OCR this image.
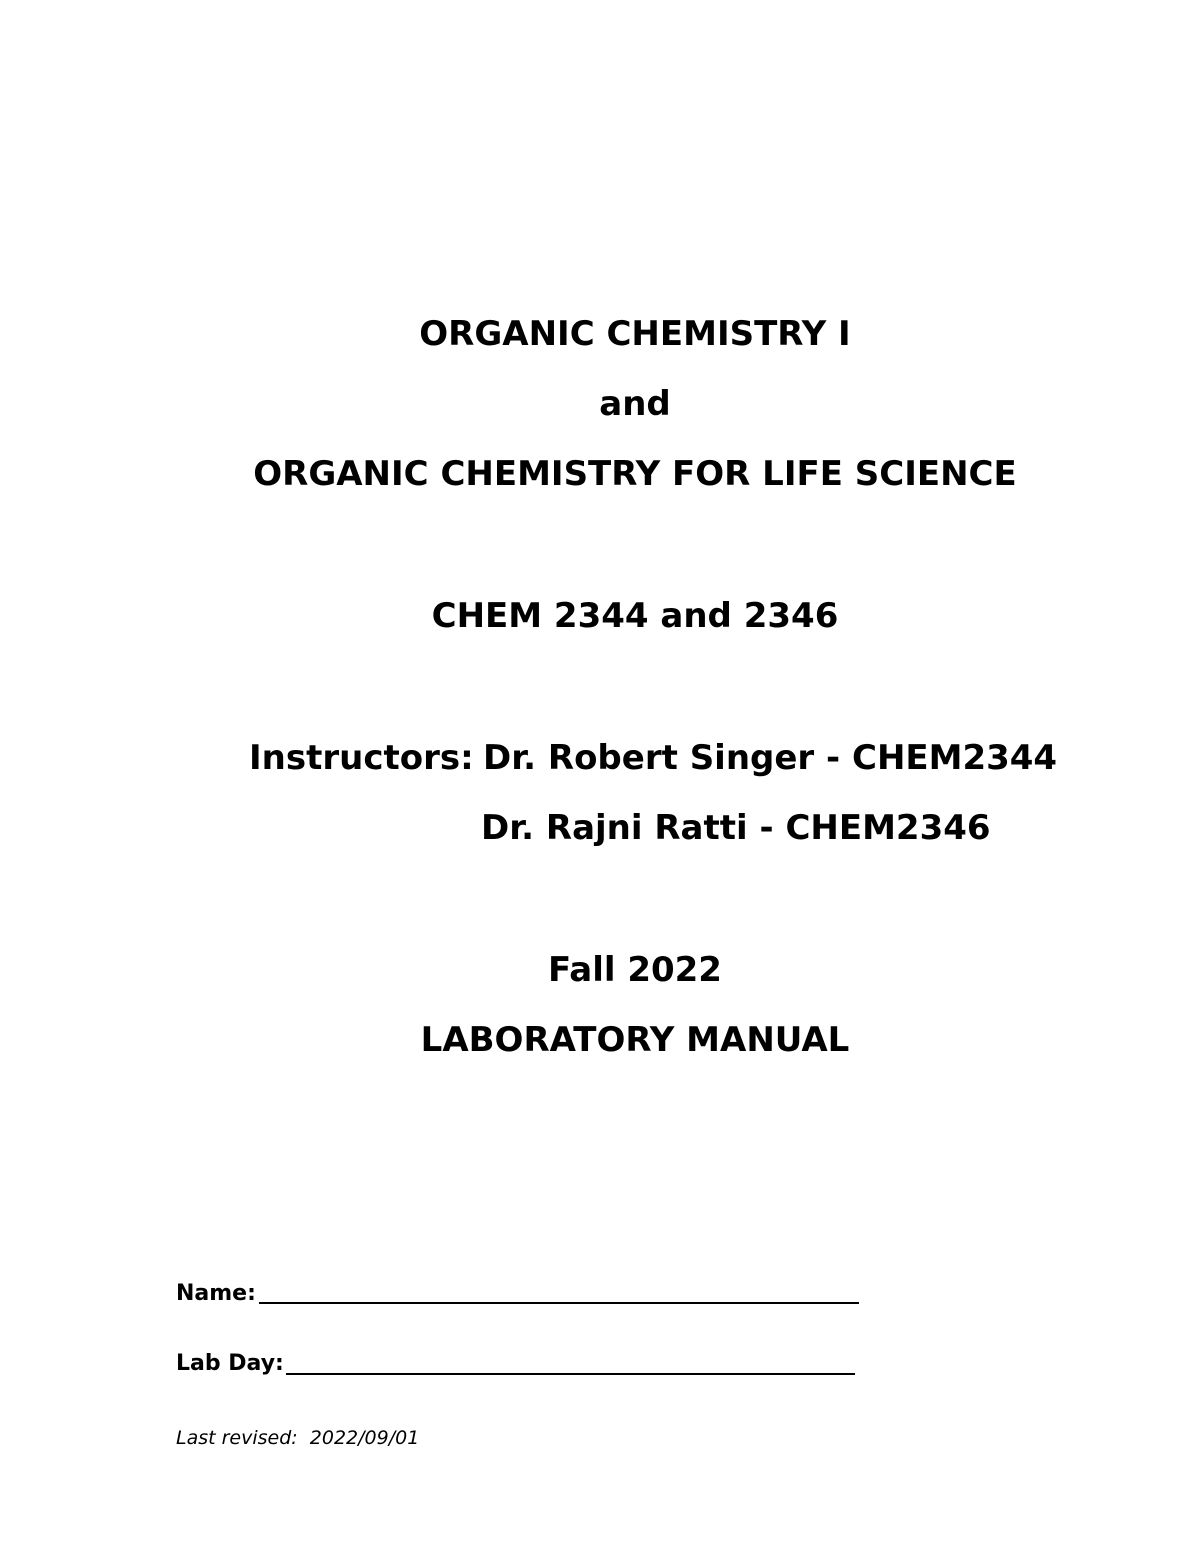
ORGANIC CHEMISTRY I
and
ORGANIC CHEMISTRY FOR LIFE SCIENCE
CHEM 2344 and 2346
Instructors: Dr. Robert Singer - CHEM2344
Dr. Rajni Ratti - CHEM2346
Fall 2022
LABORATORY MANUAL
Name:
Lab Day:
Last revised: 2022/09/01
